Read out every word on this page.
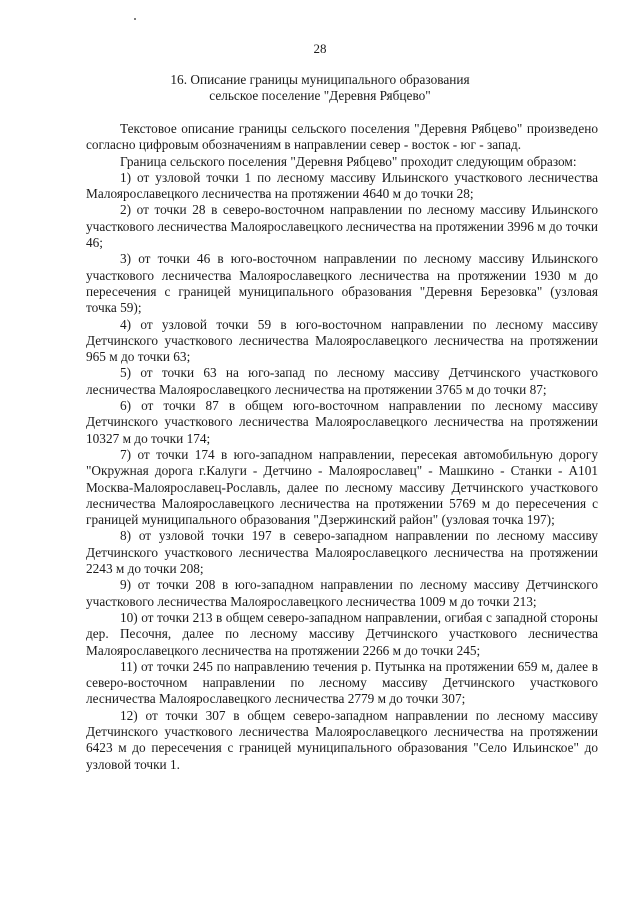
28
16. Описание границы муниципального образования
сельское поселение "Деревня Рябцево"

Текстовое описание границы сельского поселения "Деревня Рябцево" произведено согласно цифровым обозначениям в направлении север - восток - юг - запад.

Граница сельского поселения "Деревня Рябцево" проходит следующим образом:

1) от узловой точки 1 по лесному массиву Ильинского участкового лесничества Малоярославецкого лесничества на протяжении 4640 м до точки 28;

2) от точки 28 в северо-восточном направлении по лесному массиву Ильинского участкового лесничества Малоярославецкого лесничества на протяжении 3996 м до точки 46;

3) от точки 46 в юго-восточном направлении по лесному массиву Ильинского участкового лесничества Малоярославецкого лесничества на протяжении 1930 м до пересечения с границей муниципального образования "Деревня Березовка" (узловая точка 59);

4) от узловой точки 59 в юго-восточном направлении по лесному массиву Детчинского участкового лесничества Малоярославецкого лесничества на протяжении 965 м до точки 63;

5) от точки 63 на юго-запад по лесному массиву Детчинского участкового лесничества Малоярославецкого лесничества на протяжении 3765 м до точки 87;

6) от точки 87 в общем юго-восточном направлении по лесному массиву Детчинского участкового лесничества Малоярославецкого лесничества на протяжении 10327 м до точки 174;

7) от точки 174 в юго-западном направлении, пересекая автомобильную дорогу "Окружная дорога г.Калуги - Детчино - Малоярославец" - Машкино - Станки - А101 Москва-Малоярославец-Рославль, далее по лесному массиву Детчинского участкового лесничества Малоярославецкого лесничества на протяжении 5769 м до пересечения с границей муниципального образования "Дзержинский район" (узловая точка 197);

8) от узловой точки 197 в северо-западном направлении по лесному массиву Детчинского участкового лесничества Малоярославецкого лесничества на протяжении 2243 м до точки 208;

9) от точки 208 в юго-западном направлении по лесному массиву Детчинского участкового лесничества Малоярославецкого лесничества 1009 м до точки 213;

10) от точки 213 в общем северо-западном направлении, огибая с западной стороны дер. Песочня, далее по лесному массиву Детчинского участкового лесничества Малоярославецкого лесничества на протяжении 2266 м до точки 245;

11) от точки 245 по направлению течения р. Путынка на протяжении 659 м, далее в северо-восточном направлении по лесному массиву Детчинского участкового лесничества Малоярославецкого лесничества 2779 м до точки 307;

12) от точки 307 в общем северо-западном направлении по лесному массиву Детчинского участкового лесничества Малоярославецкого лесничества на протяжении 6423 м до пересечения с границей муниципального образования "Село Ильинское" до узловой точки 1.
